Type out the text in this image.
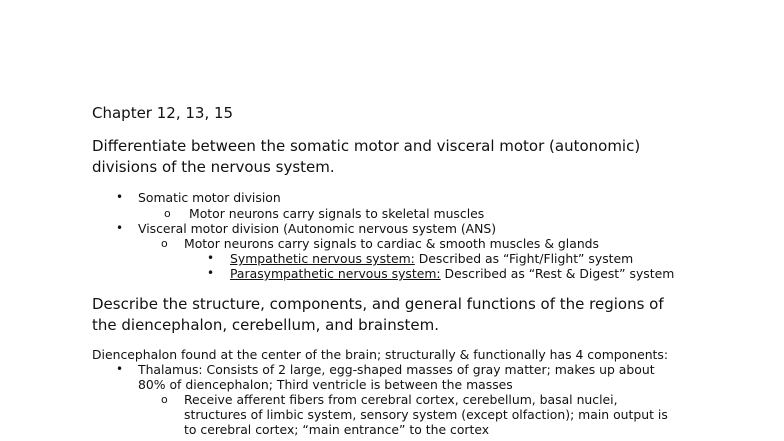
Chapter 12, 13, 15
Differentiate between the somatic motor and visceral motor (autonomic)
divisions of the nervous system.
• Somatic motor division
o Motor neurons carry signals to skeletal muscles
• Visceral motor division (Autonomic nervous system (ANS)
o Motor neurons carry signals to cardiac & smooth muscles & glands
• Sympathetic nervous system: Described as “Fight/Flight” system
• Parasympathetic nervous system: Described as “Rest & Digest” system
Describe the structure, components, and general functions of the regions of
the diencephalon, cerebellum, and brainstem.
Diencephalon found at the center of the brain; structurally & functionally has 4 components:
• Thalamus: Consists of 2 large, egg-shaped masses of gray matter; makes up about
80% of diencephalon; Third ventricle is between the masses
o Receive afferent fibers from cerebral cortex, cerebellum, basal nuclei,
structures of limbic system, sensory system (except olfaction); main output is
to cerebral cortex; “main entrance” to the cortex
